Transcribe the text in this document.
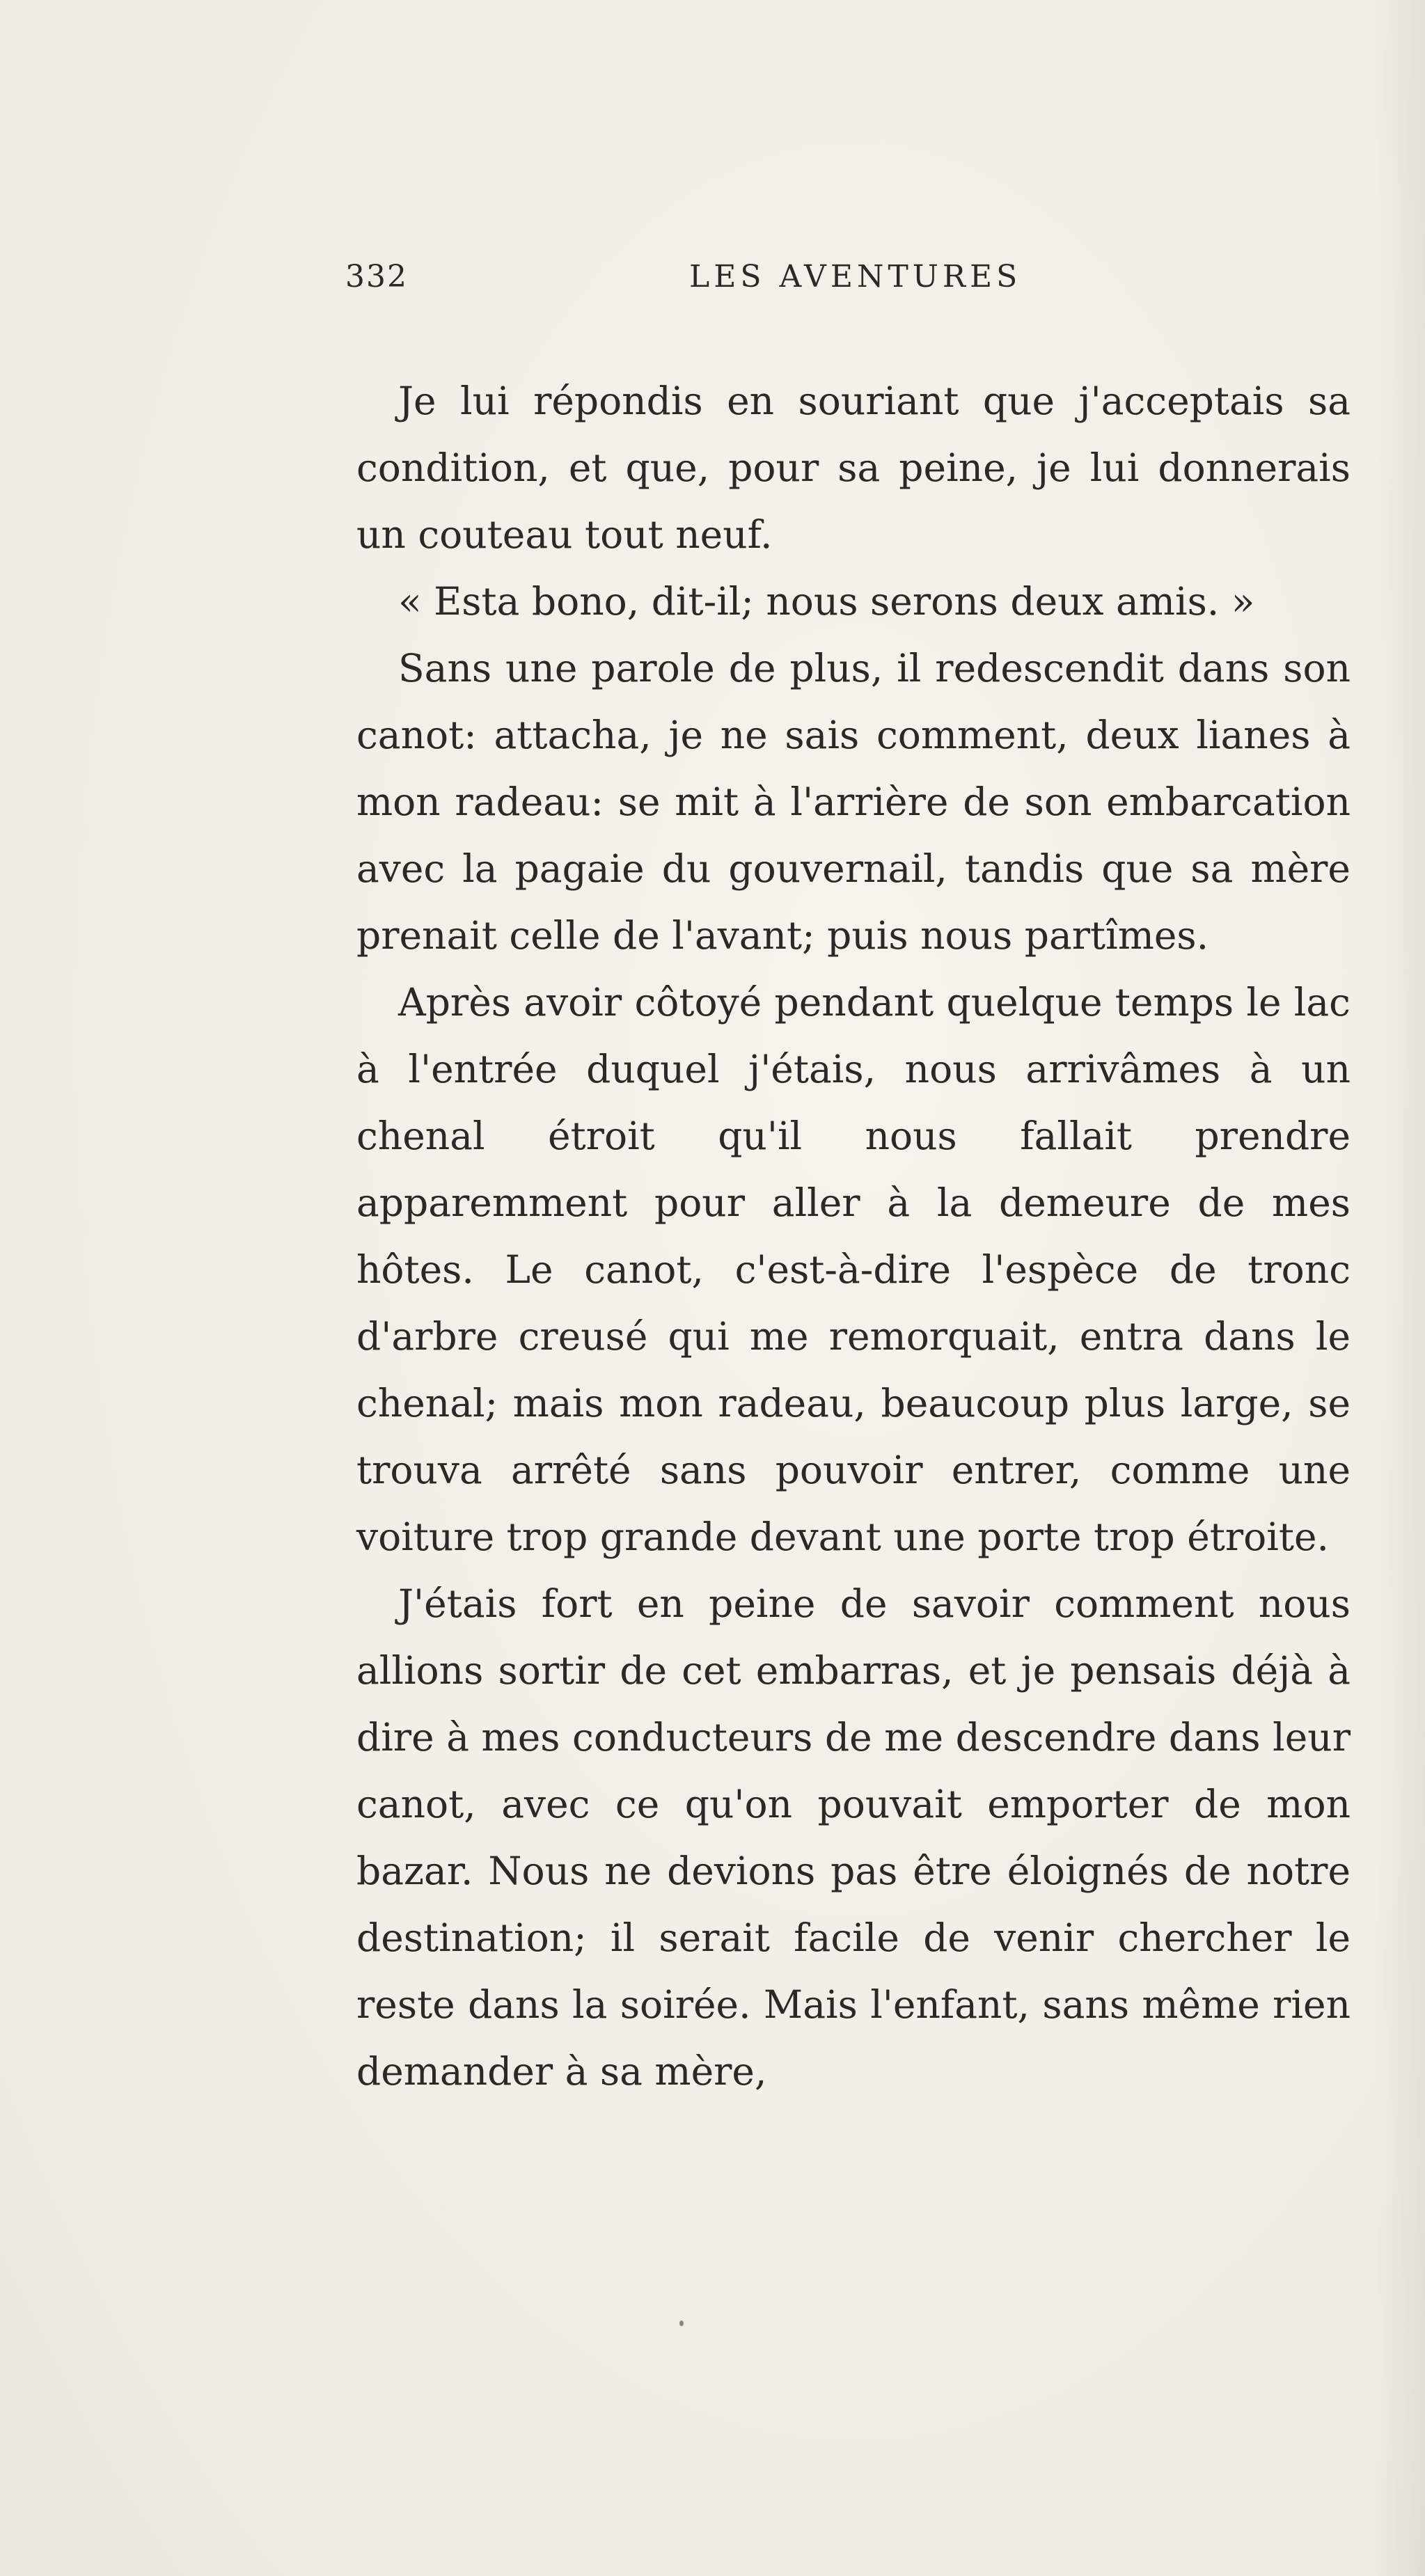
332	LES AVENTURES

Je lui répondis en souriant que j'acceptais sa condition, et que, pour sa peine, je lui donnerais un couteau tout neuf.

« Esta bono, dit-il; nous serons deux amis. »

Sans une parole de plus, il redescendit dans son canot: attacha, je ne sais comment, deux lianes à mon radeau: se mit à l'arrière de son embarcation avec la pagaie du gouvernail, tandis que sa mère prenait celle de l'avant; puis nous partîmes.

Après avoir côtoyé pendant quelque temps le lac à l'entrée duquel j'étais, nous arrivâmes à un chenal étroit qu'il nous fallait prendre apparemment pour aller à la demeure de mes hôtes. Le canot, c'est-à-dire l'espèce de tronc d'arbre creusé qui me remorquait, entra dans le chenal; mais mon radeau, beaucoup plus large, se trouva arrêté sans pouvoir entrer, comme une voiture trop grande devant une porte trop étroite.

J'étais fort en peine de savoir comment nous allions sortir de cet embarras, et je pensais déjà à dire à mes conducteurs de me descendre dans leur canot, avec ce qu'on pouvait emporter de mon bazar. Nous ne devions pas être éloignés de notre destination; il serait facile de venir chercher le reste dans la soirée. Mais l'enfant, sans même rien demander à sa mère,
